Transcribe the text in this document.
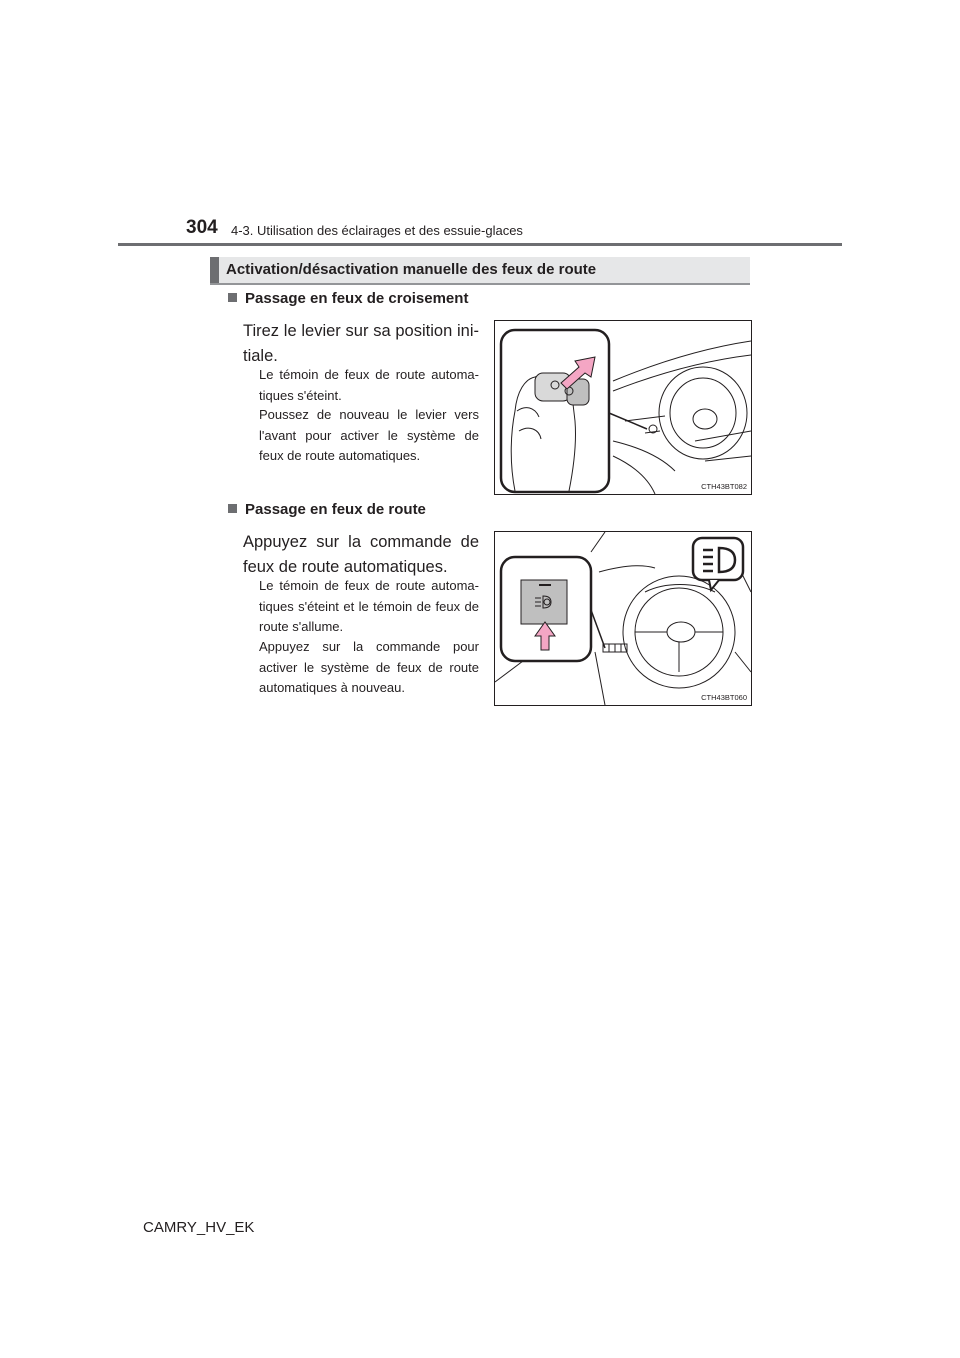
304 4-3. Utilisation des éclairages et des essuie-glaces
Activation/désactivation manuelle des feux de route
Passage en feux de croisement
Tirez le levier sur sa position ini-tiale.
Le témoin de feux de route automa-tiques s'éteint.
Poussez de nouveau le levier vers l'avant pour activer le système de feux de route automatiques.
CTH43BT082
Passage en feux de route
Appuyez sur la commande de feux de route automatiques.
Le témoin de feux de route automa-tiques s'éteint et le témoin de feux de route s'allume.
Appuyez sur la commande pour activer le système de feux de route automatiques à nouveau.
CTH43BT060
CAMRY_HV_EK
